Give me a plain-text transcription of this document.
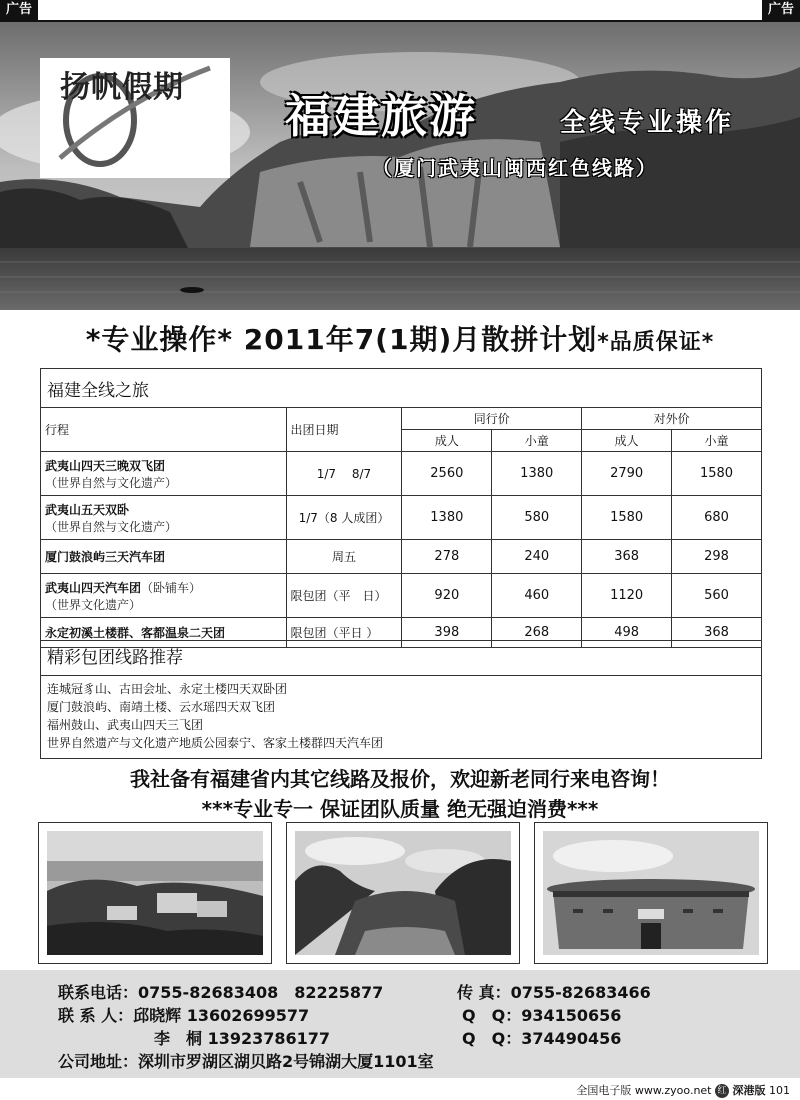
广告	广告
扬帆假期
福建旅游	全线专业操作
（厦门武夷山闽西红色线路）
*专业操作* 2011年7(1期)月散拼计划*品质保证*
福建全线之旅					
行程	出团日期	同行价		对外价	
		成人	小童	成人	小童

武夷山四天三晚双飞团
（世界自然与文化遗产）	1/7　 8/7	2560	1380	2790	1580

武夷山五天双卧
（世界自然与文化遗产）	1/7（8 人成团）	1380	580	1580	680

厦门鼓浪屿三天汽车团	周五	278	240	368	298

武夷山四天汽车团（卧铺车）
（世界文化遗产）	限包团（平　日）	920	460	1120	560

永定初溪土楼群、客都温泉二天团	限包团（平日 ）	398	268	498	368
精彩包团线路推荐
连城冠豸山、古田会址、永定土楼四天双卧团
厦门鼓浪屿、南靖土楼、云水瑶四天双飞团
福州鼓山、武夷山四天三飞团
世界自然遗产与文化遗产地质公园泰宁、客家土楼群四天汽车团
我社备有福建省内其它线路及报价，欢迎新老同行来电咨询！
***专业专一 保证团队质量 绝无强迫消费***
联系电话：0755-82683408　82225877	传 真：0755-82683466
联 系 人：邱晓辉 13602699577	Q　Q：934150656
李　桐 13923786177	Q　Q：374490456
公司地址：深圳市罗湖区湖贝路2号锦湖大厦1101室
全国电子版 www.zyoo.net 红 深港版 101
